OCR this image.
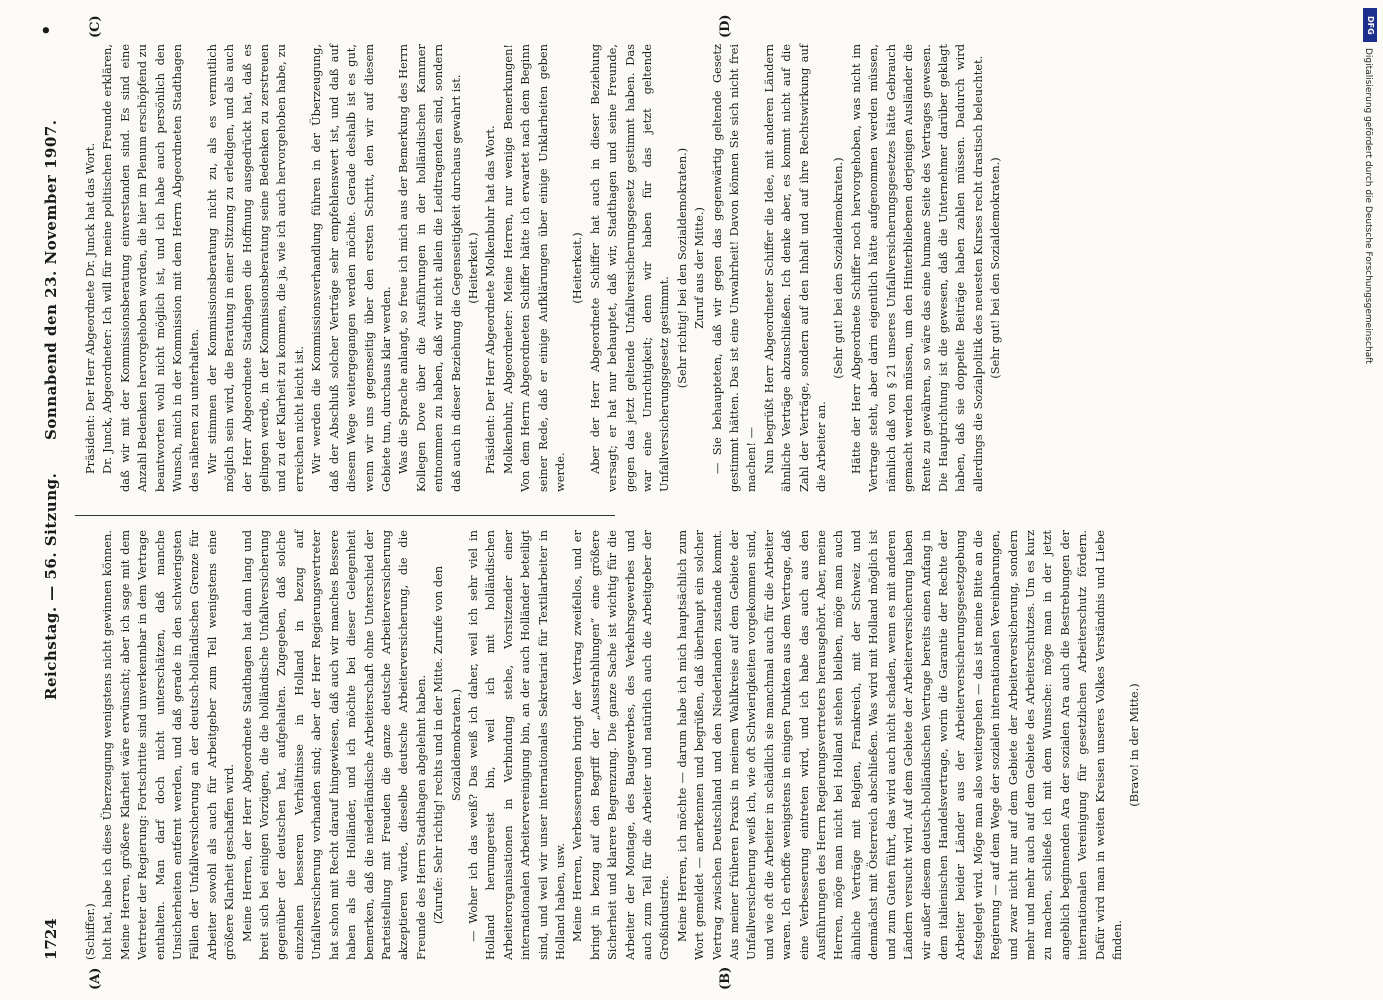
1724
Reichstag. — 56. Sitzung.
Sonnabend den 23. November 1907.
•
(A)	(B)
(C)	(D)

(Schiffer.) holt hat, habe ich diese Überzeugung wenigstens nicht gewinnen können. Meine Herren, größere Klarheit wäre erwünscht; aber ich sage mit dem Vertreter der Regierung: Fortschritte sind unverkennbar in dem Vertrage enthalten. Man darf doch nicht unterschätzen, daß manche Unsicherheiten entfernt werden, und daß gerade in den schwierigsten Fällen der Unfallversicherung an der deutsch-holländischen Grenze für Arbeiter sowohl als auch für Arbeitgeber zum Teil wenigstens eine größere Klarheit geschaffen wird. Meine Herren, der Herr Abgeordnete Stadthagen hat dann lang und breit sich bei einigen Vorzügen, die die holländische Unfallversicherung gegenüber der deutschen hat, aufgehalten. Zugegeben, daß solche einzelnen besseren Verhältnisse in Holland in bezug auf Unfallversicherung vorhanden sind; aber der Herr Regierungsvertreter hat schon mit Recht darauf hingewiesen, daß auch wir manches Bessere haben als die Holländer, und ich möchte bei dieser Gelegenheit bemerken, daß die niederländische Arbeiterschaft ohne Unterschied der Parteistellung mit Freuden die ganze deutsche Arbeiterversicherung akzeptieren würde, dieselbe deutsche Arbeiterversicherung, die die Freunde des Herrn Stadthagen abgelehnt haben. (Zurufe: Sehr richtig! rechts und in der Mitte. Zurufe von den Sozialdemokraten.) — Woher ich das weiß? Das weiß ich daher, weil ich sehr viel in Holland herumgereist bin, weil ich mit holländischen Arbeiterorganisationen in Verbindung stehe, Vorsitzender einer internationalen Arbeitervereinigung bin, an der auch Holländer beteiligt sind, und weil wir unser internationales Sekretariat für Textilarbeiter in Holland haben, usw. Meine Herren, Verbesserungen bringt der Vertrag zweifellos, und er bringt in bezug auf den Begriff der „Ausstrahlungen“ eine größere Sicherheit und klarere Begrenzung. Die ganze Sache ist wichtig für die Arbeiter der Montage, des Baugewerbes, des Verkehrsgewerbes und auch zum Teil für die Arbeiter und natürlich auch die Arbeitgeber der Großindustrie. Meine Herren, ich möchte — darum habe ich mich hauptsächlich zum Wort gemeldet — anerkennen und begrüßen, daß überhaupt ein solcher Vertrag zwischen Deutschland und den Niederlanden zustande kommt. Aus meiner früheren Praxis in meinem Wahlkreise auf dem Gebiete der Unfallversicherung weiß ich, wie oft Schwierigkeiten vorgekommen sind, und wie oft die Arbeiter in schädlich sie manchmal auch für die Arbeiter waren. Ich erhoffe wenigstens in einigen Punkten aus dem Vertrage, daß eine Verbesserung eintreten wird, und ich habe das auch aus den Ausführungen des Herrn Regierungsvertreters herausgehört. Aber, meine Herren, möge man nicht bei Holland stehen bleiben, möge man auch ähnliche Verträge mit Belgien, Frankreich, mit der Schweiz und demnächst mit Österreich abschließen. Was wird mit Holland möglich ist und zum Guten führt, das wird auch nicht schaden, wenn es mit anderen Ländern versucht wird. Auf dem Gebiete der Arbeiterversicherung haben wir außer diesem deutsch-holländischen Vertrage bereits einen Anfang in dem italienischen Handelsvertrage, worin die Garantie der Rechte der Arbeiter beider Länder aus der Arbeiterversicherungsgesetzgebung festgelegt wird. Möge man also weitergehen — das ist meine Bitte an die Regierung — auf dem Wege der sozialen internationalen Vereinbarungen, und zwar nicht nur auf dem Gebiete der Arbeiterversicherung, sondern mehr und mehr auch auf dem Gebiete des Arbeiterschutzes. Um es kurz zu machen, schließe ich mit dem Wunsche: möge man in der jetzt angeblich beginnenden Ara der sozialen Ara auch die Bestrebungen der internationalen Vereinigung für gesetzlichen Arbeiterschutz fördern. Dafür wird man in weiten Kreisen unseres Volkes Verständnis und Liebe finden.

(Bravo! in der Mitte.)

Präsident: Der Herr Abgeordnete Dr. Junck hat das Wort. Dr. Junck, Abgeordneter: Ich will für meine politischen Freunde erklären, daß wir mit der Kommissionsberatung einverstanden sind. Es sind eine Anzahl Bedenken hervorgehoben worden, die hier im Plenum erschöpfend zu beantworten wohl nicht möglich ist, und ich habe auch persönlich den Wunsch, mich in der Kommission mit dem Herrn Abgeordneten Stadthagen des näheren zu unterhalten. Wir stimmen der Kommissionsberatung nicht zu, als es vermutlich möglich sein wird, die Beratung in einer Sitzung zu erledigen, und als auch der Herr Abgeordnete Stadthagen die Hoffnung ausgedrückt hat, daß es gelingen werde, in der Kommissionsberatung seine Bedenken zu zerstreuen und zu der Klarheit zu kommen, die ja, wie ich auch hervorgehoben habe, zu erreichen nicht leicht ist. Wir werden die Kommissionsverhandlung führen in der Überzeugung, daß der Abschluß solcher Verträge sehr empfehlenswert ist, und daß auf diesem Wege weitergegangen werden möchte. Gerade deshalb ist es gut, wenn wir uns gegenseitig über den ersten Schritt, den wir auf diesem Gebiete tun, durchaus klar werden. Was die Sprache anlangt, so freue ich mich aus der Bemerkung des Herrn Kollegen Dove über die Ausführungen in der holländischen Kammer entnommen zu haben, daß wir nicht allein die Leidtragenden sind, sondern daß auch in dieser Beziehung die Gegenseitigkeit durchaus gewahrt ist. (Heiterkeit.) Präsident: Der Herr Abgeordnete Molkenbuhr hat das Wort. Molkenbuhr, Abgeordneter: Meine Herren, nur wenige Bemerkungen! Von dem Herrn Abgeordneten Schiffer hätte ich erwartet nach dem Beginn seiner Rede, daß er einige Aufklärungen über einige Unklarheiten geben werde.

(Heiterkeit.) Aber der Herr Abgeordnete Schiffer hat auch in dieser Beziehung versagt; er hat nur behauptet, daß wir, Stadthagen und seine Freunde, gegen das jetzt geltende Unfallversicherungsgesetz gestimmt haben. Das war eine Unrichtigkeit; denn wir haben für das jetzt geltende Unfallversicherungsgesetz gestimmt. (Sehr richtig! bei den Sozialdemokraten.) Zuruf aus der Mitte.) — Sie behaupteten, daß wir gegen das gegenwärtig geltende Gesetz gestimmt hätten. Das ist eine Unwahrheit! Davon können Sie sich nicht frei machen! — Nun begrüßt Herr Abgeordneter Schiffer die Idee, mit anderen Ländern ähnliche Verträge abzuschließen. Ich denke aber, es kommt nicht auf die Zahl der Verträge, sondern auf den Inhalt und auf ihre Rechtswirkung auf die Arbeiter an.

(Sehr gut! bei den Sozialdemokraten.) Hätte der Herr Abgeordnete Schiffer noch hervorgehoben, was nicht im Vertrage steht, aber darin eigentlich hätte aufgenommen werden müssen, nämlich daß von § 21 unseres Unfallversicherungsgesetzes hätte Gebrauch gemacht werden müssen, um den Hinterbliebenen derjenigen Ausländer die Rente zu gewähren, so wäre das eine humane Seite des Vertrages gewesen. Die Hauptrichtung ist die gewesen, daß die Unternehmer darüber geklagt haben, daß sie doppelte Beiträge haben zahlen müssen. Dadurch wird allerdings die Sozialpolitik des neuesten Kurses recht drastisch beleuchtet. (Sehr gut! bei den Sozialdemokraten.)

DFG
Digitalisierung gefördert durch die Deutsche Forschungsgemeinschaft
